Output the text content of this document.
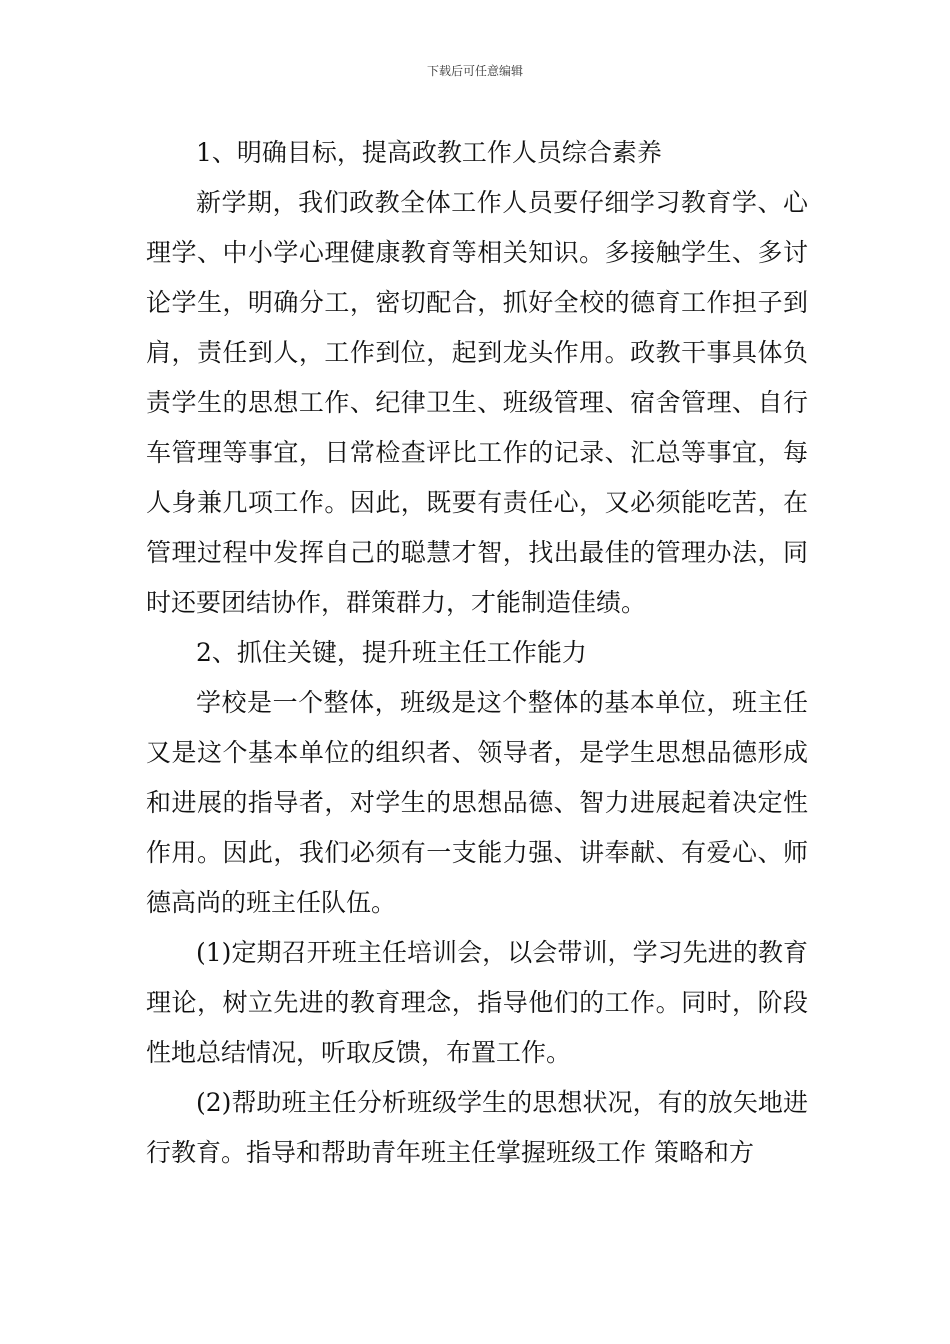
下载后可任意编辑

1、明确目标，提高政教工作人员综合素养

新学期，我们政教全体工作人员要仔细学习教育学、心理学、中小学心理健康教育等相关知识。多接触学生、多讨论学生，明确分工，密切配合，抓好全校的德育工作担子到肩，责任到人，工作到位，起到龙头作用。政教干事具体负责学生的思想工作、纪律卫生、班级管理、宿舍管理、自行车管理等事宜，日常检查评比工作的记录、汇总等事宜，每人身兼几项工作。因此，既要有责任心，又必须能吃苦，在管理过程中发挥自己的聪慧才智，找出最佳的管理办法，同时还要团结协作，群策群力，才能制造佳绩。

2、抓住关键，提升班主任工作能力

学校是一个整体，班级是这个整体的基本单位，班主任又是这个基本单位的组织者、领导者，是学生思想品德形成和进展的指导者，对学生的思想品德、智力进展起着决定性作用。因此，我们必须有一支能力强、讲奉献、有爱心、师德高尚的班主任队伍。

(1)定期召开班主任培训会，以会带训，学习先进的教育理论，树立先进的教育理念，指导他们的工作。同时，阶段性地总结情况，听取反馈，布置工作。

(2)帮助班主任分析班级学生的思想状况，有的放矢地进行教育。指导和帮助青年班主任掌握班级工作 策略和方
